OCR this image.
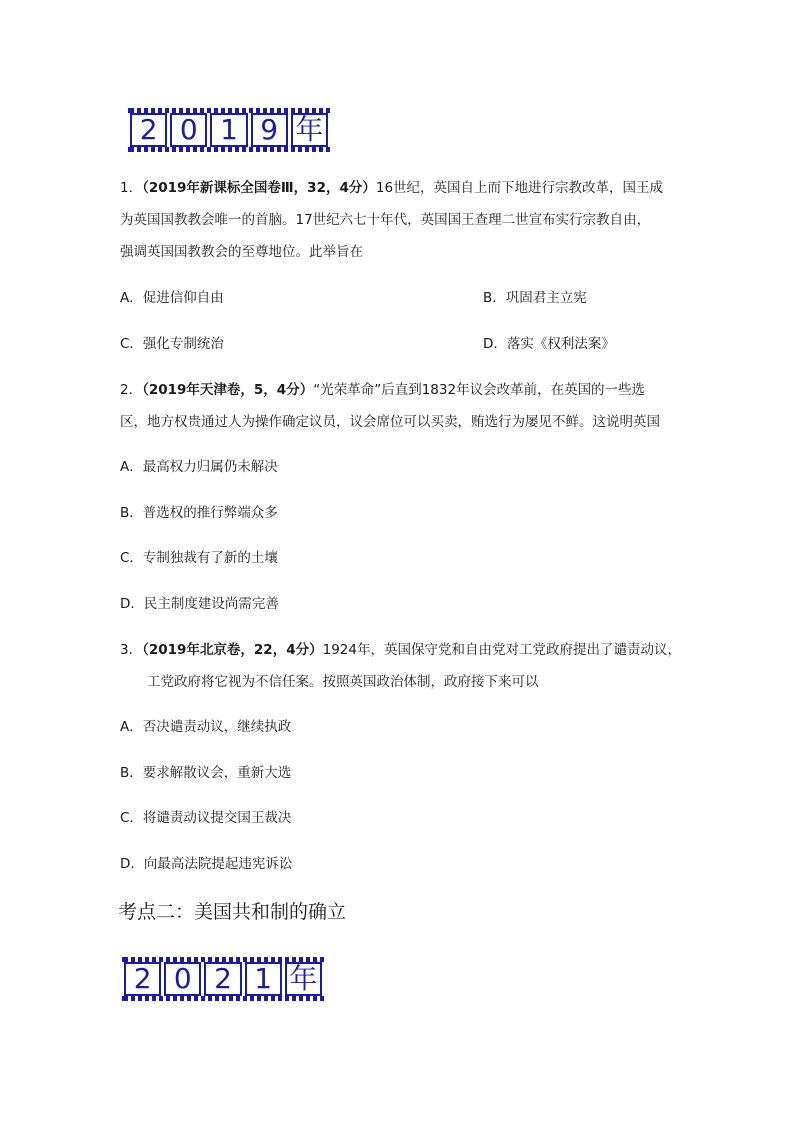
2 0 1 9 年
1．（2019年新课标全国卷Ⅲ，32，4分）16世纪，英国自上而下地进行宗教改革，国王成
为英国国教教会唯一的首脑。17世纪六七十年代，英国国王查理二世宣布实行宗教自由，
强调英国国教教会的至尊地位。此举旨在
A．促进信仰自由	B．巩固君主立宪
C．强化专制统治	D．落实《权利法案》
2．（2019年天津卷，5，4分）“光荣革命”后直到1832年议会改革前，在英国的一些选
区，地方权贵通过人为操作确定议员，议会席位可以买卖，贿选行为屡见不鲜。这说明英国
A．最高权力归属仍未解决
B．普选权的推行弊端众多
C．专制独裁有了新的土壤
D．民主制度建设尚需完善
3．（2019年北京卷，22，4分）1924年，英国保守党和自由党对工党政府提出了谴责动议，
工党政府将它视为不信任案。按照英国政治体制，政府接下来可以
A．否决谴责动议，继续执政
B．要求解散议会，重新大选
C．将谴责动议提交国王裁决
D．向最高法院提起违宪诉讼
考点二：美国共和制的确立
2 0 2 1 年
